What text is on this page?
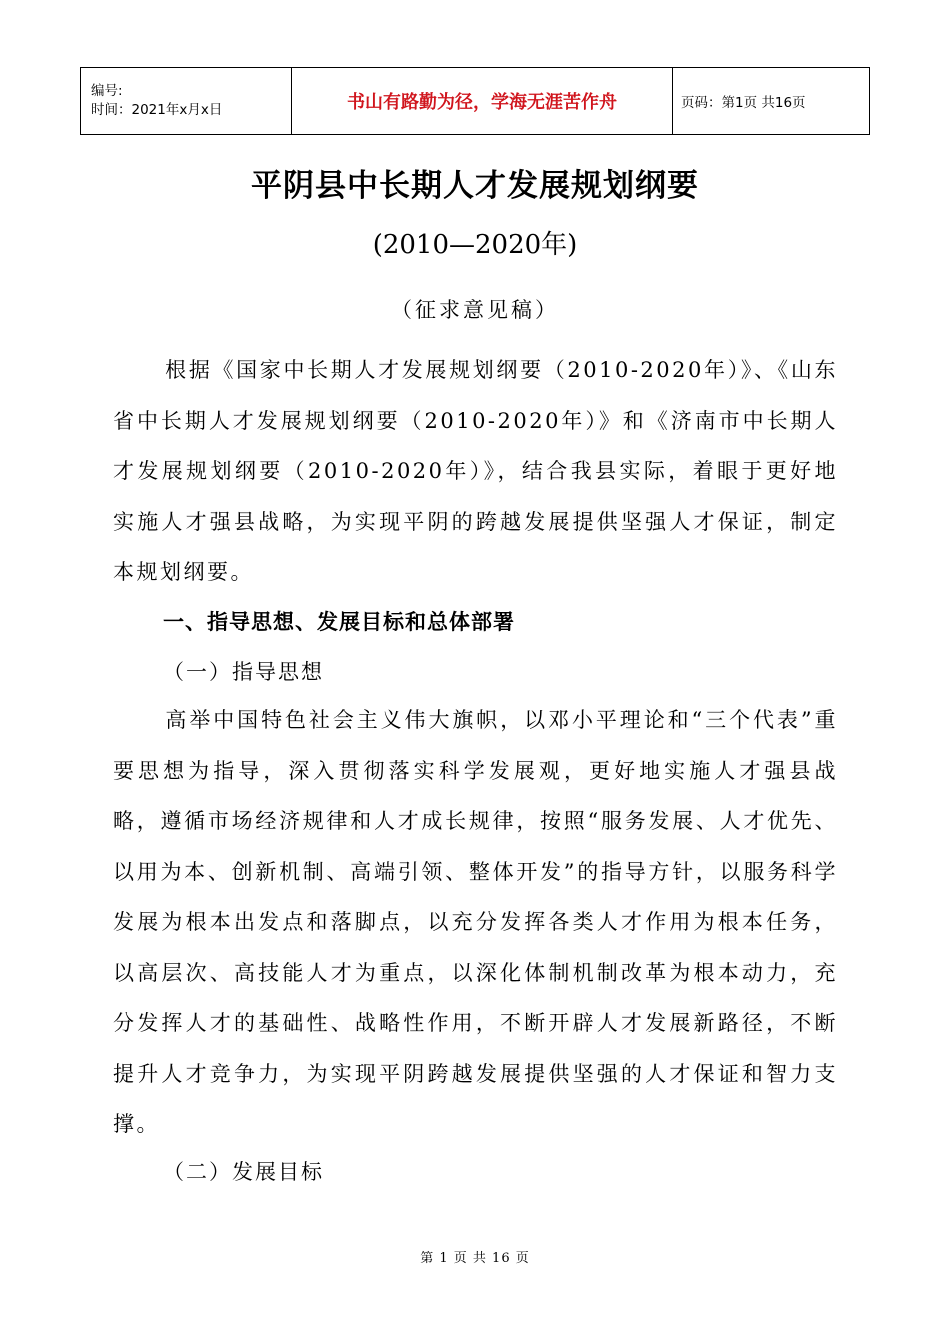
编号:
时间：2021年x月x日	书山有路勤为径，学海无涯苦作舟	页码：第1页 共16页
平阴县中长期人才发展规划纲要
(2010—2020年)
（征求意见稿）

根据《国家中长期人才发展规划纲要（2010-2020年）》、《山东省中长期人才发展规划纲要（2010-2020年）》和《济南市中长期人才发展规划纲要（2010-2020年）》，结合我县实际，着眼于更好地实施人才强县战略，为实现平阴的跨越发展提供坚强人才保证，制定本规划纲要。

一、指导思想、发展目标和总体部署
（一）指导思想

高举中国特色社会主义伟大旗帜，以邓小平理论和“三个代表”重要思想为指导，深入贯彻落实科学发展观，更好地实施人才强县战略，遵循市场经济规律和人才成长规律，按照“服务发展、人才优先、以用为本、创新机制、高端引领、整体开发”的指导方针，以服务科学发展为根本出发点和落脚点，以充分发挥各类人才作用为根本任务，以高层次、高技能人才为重点，以深化体制机制改革为根本动力，充分发挥人才的基础性、战略性作用，不断开辟人才发展新路径，不断提升人才竞争力，为实现平阴跨越发展提供坚强的人才保证和智力支撑。

（二）发展目标
第 1 页 共 16 页
